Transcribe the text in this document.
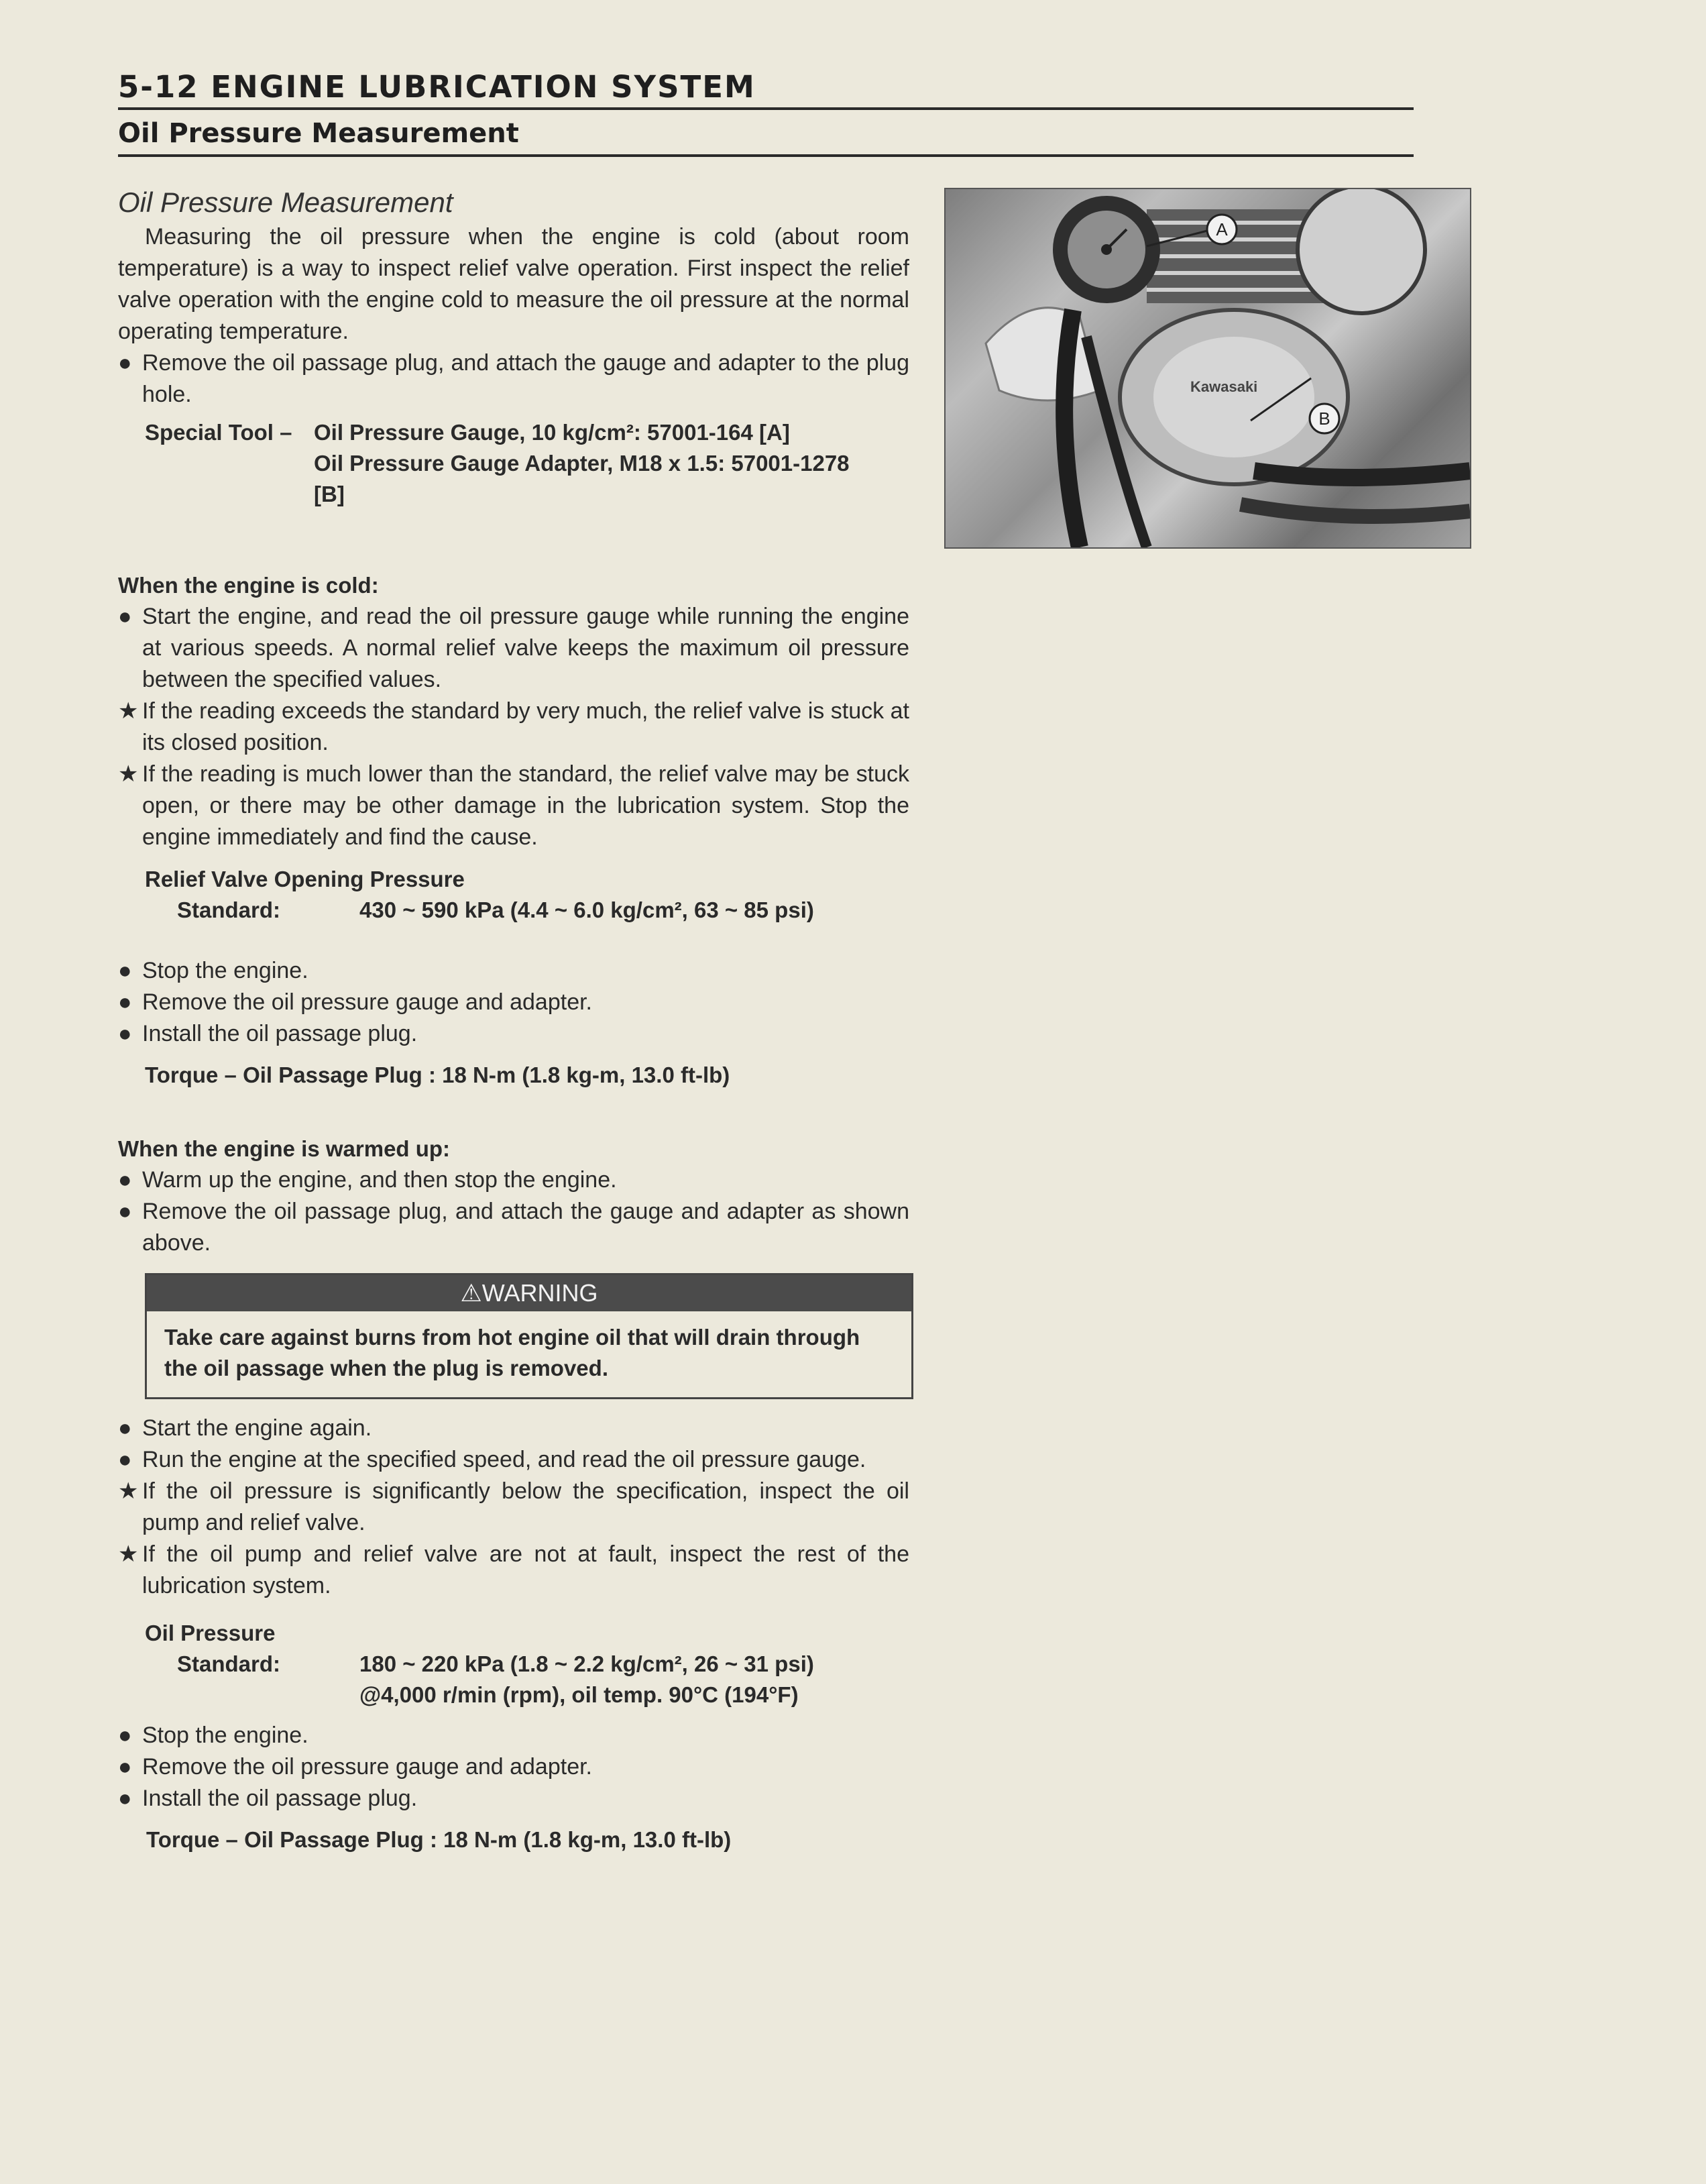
5-12 ENGINE LUBRICATION SYSTEM
Oil Pressure Measurement
Oil Pressure Measurement

Measuring the oil pressure when the engine is cold (about room temperature) is a way to inspect relief valve operation. First inspect the relief valve operation with the engine cold to measure the oil pressure at the normal operating temperature.

● Remove the oil passage plug, and attach the gauge and adapter to the plug hole.
Special Tool – Oil Pressure Gauge, 10 kg/cm²: 57001-164 [A]
Oil Pressure Gauge Adapter, M18 x 1.5: 57001-1278
[B]
Kawasaki
A
B
When the engine is cold:
● Start the engine, and read the oil pressure gauge while running the engine at various speeds. A normal relief valve keeps the maximum oil pressure between the specified values.
★ If the reading exceeds the standard by very much, the relief valve is stuck at its closed position.
★ If the reading is much lower than the standard, the relief valve may be stuck open, or there may be other damage in the lubrication system. Stop the engine immediately and find the cause.
Relief Valve Opening Pressure
Standard:	430 ~ 590 kPa (4.4 ~ 6.0 kg/cm², 63 ~ 85 psi)
● Stop the engine.
● Remove the oil pressure gauge and adapter.
● Install the oil passage plug.
Torque – Oil Passage Plug : 18 N-m (1.8 kg-m, 13.0 ft-lb)
When the engine is warmed up:
● Warm up the engine, and then stop the engine.
● Remove the oil passage plug, and attach the gauge and adapter as shown above.
⚠WARNING
Take care against burns from hot engine oil that will drain through the oil passage when the plug is removed.
● Start the engine again.
● Run the engine at the specified speed, and read the oil pressure gauge.
★ If the oil pressure is significantly below the specification, inspect the oil pump and relief valve.
★ If the oil pump and relief valve are not at fault, inspect the rest of the lubrication system.
Oil Pressure
Standard:	180 ~ 220 kPa (1.8 ~ 2.2 kg/cm², 26 ~ 31 psi)
@4,000 r/min (rpm), oil temp. 90°C (194°F)
● Stop the engine.
● Remove the oil pressure gauge and adapter.
● Install the oil passage plug.
Torque – Oil Passage Plug : 18 N-m (1.8 kg-m, 13.0 ft-lb)
